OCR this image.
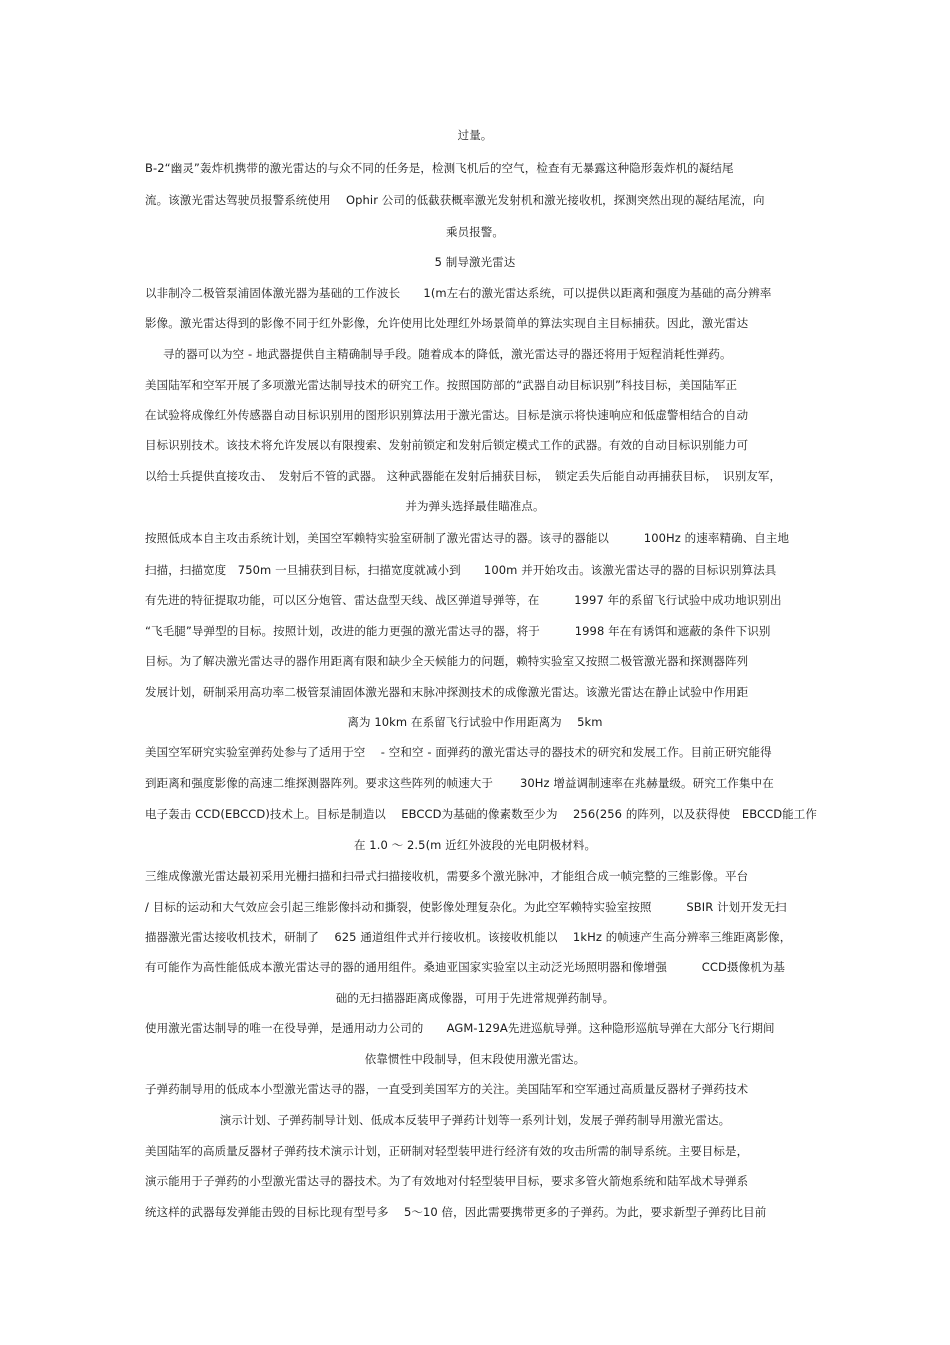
过量。
B-2“幽灵”轰炸机携带的激光雷达的与众不同的任务是，检测飞机后的空气，检查有无暴露这种隐形轰炸机的凝结尾
流。该激光雷达驾驶员报警系统使用　 Ophir 公司的低截获概率激光发射机和激光接收机，探测突然出现的凝结尾流，向
乘员报警。
5 制导激光雷达
以非制冷二极管泵浦固体激光器为基础的工作波长　　1(m左右的激光雷达系统，可以提供以距离和强度为基础的高分辨率
影像。激光雷达得到的影像不同于红外影像，允许使用比处理红外场景简单的算法实现自主目标捕获。因此，激光雷达
寻的器可以为空 - 地武器提供自主精确制导手段。随着成本的降低，激光雷达寻的器还将用于短程消耗性弹药。
美国陆军和空军开展了多项激光雷达制导技术的研究工作。按照国防部的“武器自动目标识别”科技目标，美国陆军正
在试验将成像红外传感器自动目标识别用的图形识别算法用于激光雷达。目标是演示将快速响应和低虚警相结合的自动
目标识别技术。该技术将允许发展以有限搜索、发射前锁定和发射后锁定模式工作的武器。有效的自动目标识别能力可
以给士兵提供直接攻击、　发射后不管的武器。 这种武器能在发射后捕获目标，　锁定丢失后能自动再捕获目标，　识别友军，
并为弹头选择最佳瞄准点。
按照低成本自主攻击系统计划，美国空军赖特实验室研制了激光雷达寻的器。该寻的器能以　　　100Hz 的速率精确、自主地
扫描，扫描宽度　750m 一旦捕获到目标，扫描宽度就减小到　　100m 并开始攻击。该激光雷达寻的器的目标识别算法具
有先进的特征提取功能，可以区分炮管、雷达盘型天线、战区弹道导弹等，在　　　1997 年的系留飞行试验中成功地识别出
“飞毛腿”导弹型的目标。按照计划，改进的能力更强的激光雷达寻的器，将于　　　1998 年在有诱饵和遮蔽的条件下识别
目标。为了解决激光雷达寻的器作用距离有限和缺少全天候能力的问题，赖特实验室又按照二极管激光器和探测器阵列
发展计划，研制采用高功率二极管泵浦固体激光器和末脉冲探测技术的成像激光雷达。该激光雷达在静止试验中作用距
离为 10km 在系留飞行试验中作用距离为　 5km
美国空军研究实验室弹药处参与了适用于空　 - 空和空 - 面弹药的激光雷达寻的器技术的研究和发展工作。目前正研究能得
到距离和强度影像的高速二维探测器阵列。要求这些阵列的帧速大于　　 30Hz 增益调制速率在兆赫量级。研究工作集中在
电子轰击 CCD(EBCCD)技术上。目标是制造以　 EBCCD为基础的像素数至少为　 256(256 的阵列，以及获得使　EBCCD能工作
在 1.0 ～ 2.5(m 近红外波段的光电阴极材料。
三维成像激光雷达最初采用光栅扫描和扫帚式扫描接收机，需要多个激光脉冲，才能组合成一帧完整的三维影像。平台
/ 目标的运动和大气效应会引起三维影像抖动和撕裂，使影像处理复杂化。为此空军赖特实验室按照　　　SBIR 计划开发无扫
描器激光雷达接收机技术，研制了　 625 通道组件式并行接收机。该接收机能以　 1kHz 的帧速产生高分辨率三维距离影像，
有可能作为高性能低成本激光雷达寻的器的通用组件。桑迪亚国家实验室以主动泛光场照明器和像增强　　　CCD摄像机为基
础的无扫描器距离成像器，可用于先进常规弹药制导。
使用激光雷达制导的唯一在役导弹，是通用动力公司的　　AGM-129A先进巡航导弹。这种隐形巡航导弹在大部分飞行期间
依靠惯性中段制导，但末段使用激光雷达。
子弹药制导用的低成本小型激光雷达寻的器，一直受到美国军方的关注。美国陆军和空军通过高质量反器材子弹药技术
演示计划、子弹药制导计划、低成本反装甲子弹药计划等一系列计划，发展子弹药制导用激光雷达。
美国陆军的高质量反器材子弹药技术演示计划，正研制对轻型装甲进行经济有效的攻击所需的制导系统。主要目标是，
演示能用于子弹药的小型激光雷达寻的器技术。为了有效地对付轻型装甲目标，要求多管火箭炮系统和陆军战术导弹系
统这样的武器每发弹能击毁的目标比现有型号多　 5～10 倍，因此需要携带更多的子弹药。为此，要求新型子弹药比目前
